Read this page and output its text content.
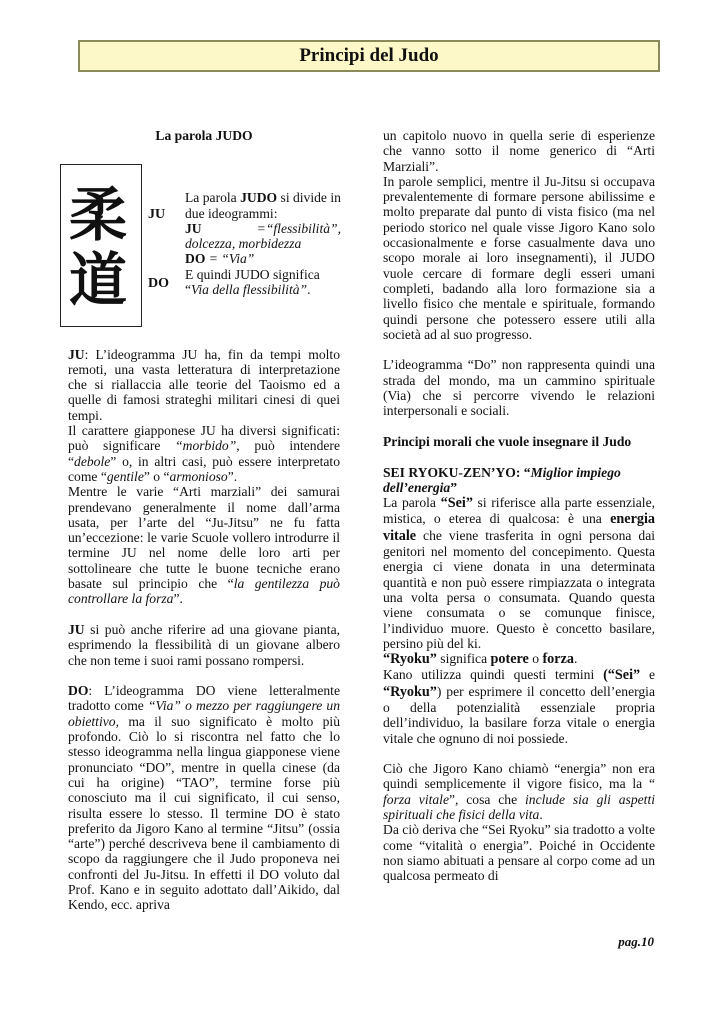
Principi del Judo

La parola JUDO

柔
道
JU
DO

La parola JUDO si divide in due ideogrammi:

JU	=“flessibilità”,

dolcezza, morbidezza

DO = “Via”

E quindi JUDO significa “Via della flessibilità”.

JU: L’ideogramma JU ha, fin da tempi molto remoti, una vasta letteratura di interpretazione che si riallaccia alle teorie del Taoismo ed a quelle di famosi strateghi militari cinesi di quei tempi.

Il carattere giapponese JU ha diversi significati: può significare “morbido”, può intendere “debole” o, in altri casi, può essere interpretato come “gentile” o “armonioso”.

Mentre le varie “Arti marziali” dei samurai prendevano generalmente il nome dall’arma usata, per l’arte del “Ju-Jitsu” ne fu fatta un’eccezione: le varie Scuole vollero introdurre il termine JU nel nome delle loro arti per sottolineare che tutte le buone tecniche erano basate sul principio che “la gentilezza può controllare la forza”.

JU si può anche riferire ad una giovane pianta, esprimendo la flessibilità di un giovane albero che non teme i suoi rami possano rompersi.

DO: L’ideogramma DO viene letteralmente tradotto come “Via” o mezzo per raggiungere un obiettivo, ma il suo significato è molto più profondo. Ciò lo si riscontra nel fatto che lo stesso ideogramma nella lingua giapponese viene pronunciato “DO”, mentre in quella cinese (da cui ha origine) “TAO”, termine forse più conosciuto ma il cui significato, il cui senso, risulta essere lo stesso. Il termine DO è stato preferito da Jigoro Kano al termine “Jitsu” (ossia “arte”) perché descriveva bene il cambiamento di scopo da raggiungere che il Judo proponeva nei confronti del Ju-Jitsu. In effetti il DO voluto dal Prof. Kano e in seguito adottato dall’Aikido, dal Kendo, ecc. apriva

un capitolo nuovo in quella serie di esperienze che vanno sotto il nome generico di “Arti Marziali”.

In parole semplici, mentre il Ju-Jitsu si occupava prevalentemente di formare persone abilissime e molto preparate dal punto di vista fisico (ma nel periodo storico nel quale visse Jigoro Kano solo occasionalmente e forse casualmente dava uno scopo morale ai loro insegnamenti), il JUDO vuole cercare di formare degli esseri umani completi, badando alla loro formazione sia a livello fisico che mentale e spirituale, formando quindi persone che potessero essere utili alla società ad al suo progresso.

L’ideogramma “Do” non rappresenta quindi una strada del mondo, ma un cammino spirituale (Via) che si percorre vivendo le relazioni interpersonali e sociali.

Principi morali che vuole insegnare il Judo

SEI RYOKU-ZEN’YO: “Miglior impiego dell’energia”

La parola “Sei” si riferisce alla parte essenziale, mistica, o eterea di qualcosa: è una energia vitale che viene trasferita in ogni persona dai genitori nel momento del concepimento. Questa energia ci viene donata in una determinata quantità e non può essere rimpiazzata o integrata una volta persa o consumata. Quando questa viene consumata o se comunque finisce, l’individuo muore. Questo è concetto basilare, persino più del ki.

“Ryoku” significa potere o forza.

Kano utilizza quindi questi termini (“Sei” e “Ryoku”) per esprimere il concetto dell’energia o della potenzialità essenziale propria dell’individuo, la basilare forza vitale o energia vitale che ognuno di noi possiede.

Ciò che Jigoro Kano chiamò “energia” non era quindi semplicemente il vigore fisico, ma la “ forza vitale”, cosa che include sia gli aspetti spirituali che fisici della vita.

Da ciò deriva che “Sei Ryoku” sia tradotto a volte come “vitalità o energia”. Poiché in Occidente non siamo abituati a pensare al corpo come ad un qualcosa permeato di

pag.10
